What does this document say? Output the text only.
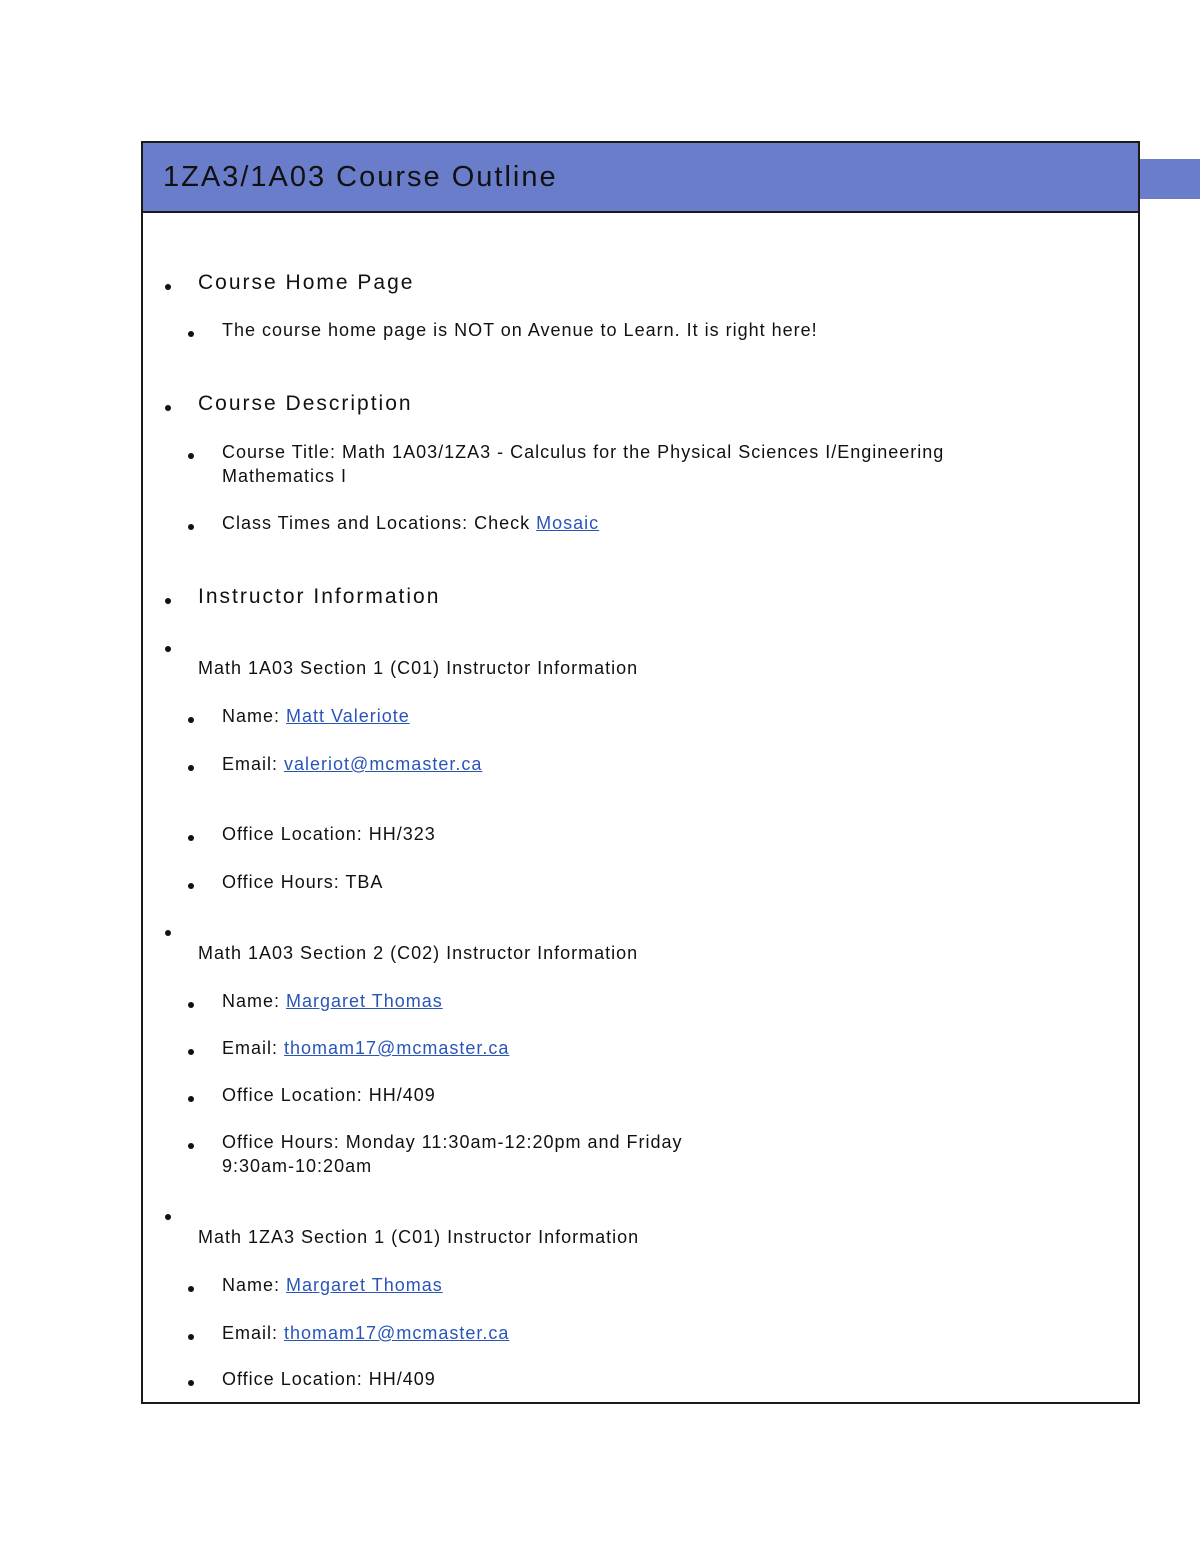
1ZA3/1A03 Course Outline
Course Home Page
The course home page is NOT on Avenue to Learn. It is right here!
Course Description
Course Title: Math 1A03/1ZA3 - Calculus for the Physical Sciences I/Engineering
Mathematics I
Class Times and Locations: Check Mosaic
Instructor Information
Math 1A03 Section 1 (C01) Instructor Information
Name: Matt Valeriote
Email: valeriot@mcmaster.ca
Office Location: HH/323
Office Hours: TBA
Math 1A03 Section 2 (C02) Instructor Information
Name: Margaret Thomas
Email: thomam17@mcmaster.ca
Office Location: HH/409
Office Hours: Monday 11:30am-12:20pm and Friday
9:30am-10:20am
Math 1ZA3 Section 1 (C01) Instructor Information
Name: Margaret Thomas
Email: thomam17@mcmaster.ca
Office Location: HH/409
